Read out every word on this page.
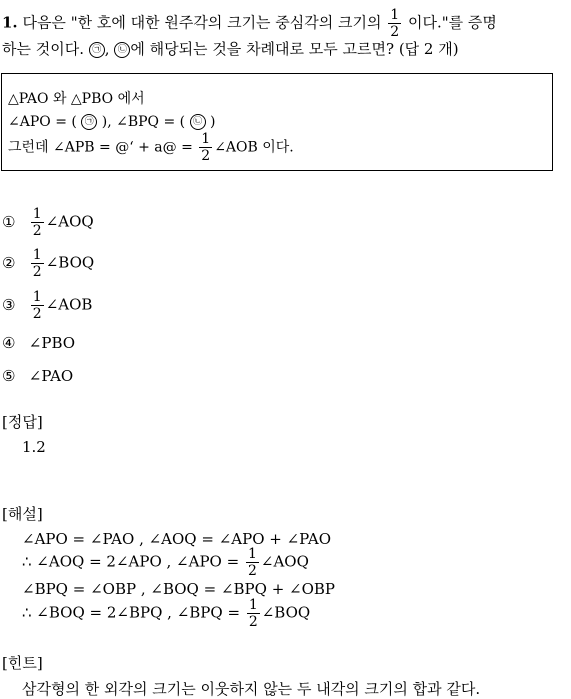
1. 다음은 "한 호에 대한 원주각의 크기는 중심각의 크기의 $\frac{1}{2}$ 이다."를 증명
하는 것이다. ㉠ , ㉡ 에 해당되는 것을 차례대로 모두 고르면? (답 2 개)
△PAO 와 △PBO 에서
∠APO = ( ㉠ ), ∠BPQ = ( ㉡ )
그런데 ∠APB = @‘ + a@ = $\frac{1}{2}$ ∠AOB 이다.
① $\frac{1}{2}$ ∠AOQ
② $\frac{1}{2}$ ∠BOQ
③ $\frac{1}{2}$ ∠AOB
④ ∠PBO
⑤ ∠PAO
[정답]
1.2
[해설]
∠APO = ∠PAO , ∠AOQ = ∠APO + ∠PAO
∴ ∠AOQ = 2∠APO , ∠APO = $\frac{1}{2}$ ∠AOQ
∠BPQ = ∠OBP , ∠BOQ = ∠BPQ + ∠OBP
∴ ∠BOQ = 2∠BPQ , ∠BPQ = $\frac{1}{2}$ ∠BOQ
[힌트]
삼각형의 한 외각의 크기는 이웃하지 않는 두 내각의 크기의 합과 같다.
